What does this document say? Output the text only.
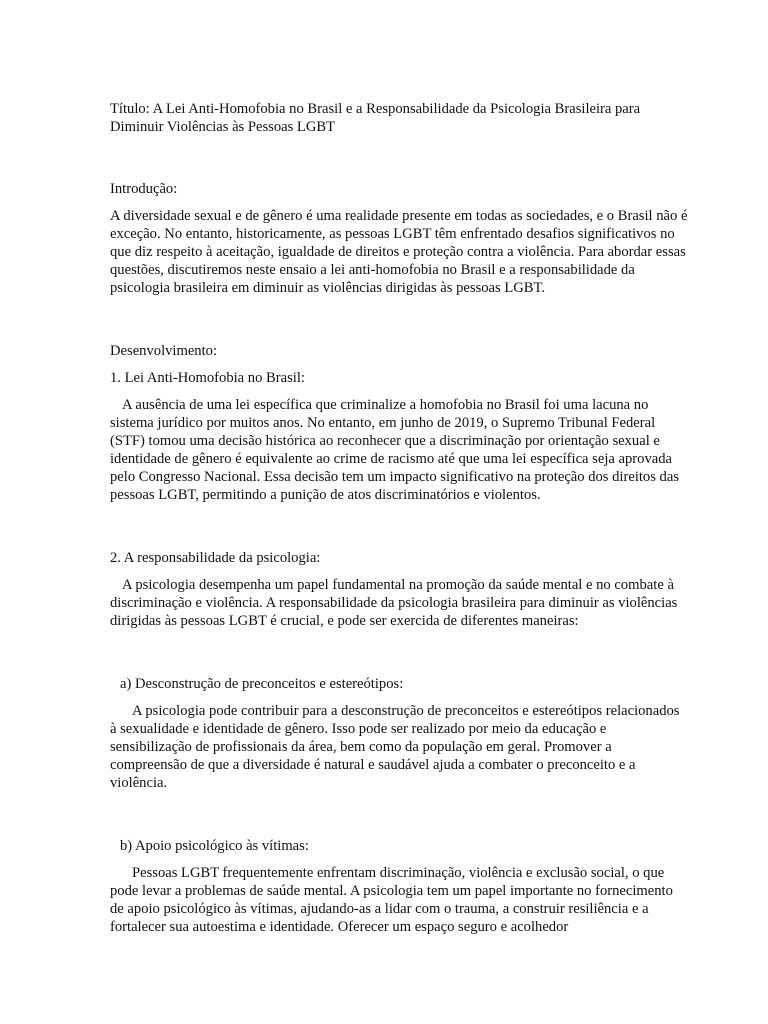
Título: A Lei Anti-Homofobia no Brasil e a Responsabilidade da Psicologia Brasileira para Diminuir Violências às Pessoas LGBT

Introdução:

A diversidade sexual e de gênero é uma realidade presente em todas as sociedades, e o Brasil não é exceção. No entanto, historicamente, as pessoas LGBT têm enfrentado desafios significativos no que diz respeito à aceitação, igualdade de direitos e proteção contra a violência. Para abordar essas questões, discutiremos neste ensaio a lei anti-homofobia no Brasil e a responsabilidade da psicologia brasileira em diminuir as violências dirigidas às pessoas LGBT.

Desenvolvimento:

1. Lei Anti-Homofobia no Brasil:

A ausência de uma lei específica que criminalize a homofobia no Brasil foi uma lacuna no sistema jurídico por muitos anos. No entanto, em junho de 2019, o Supremo Tribunal Federal (STF) tomou uma decisão histórica ao reconhecer que a discriminação por orientação sexual e identidade de gênero é equivalente ao crime de racismo até que uma lei específica seja aprovada pelo Congresso Nacional. Essa decisão tem um impacto significativo na proteção dos direitos das pessoas LGBT, permitindo a punição de atos discriminatórios e violentos.

2. A responsabilidade da psicologia:

A psicologia desempenha um papel fundamental na promoção da saúde mental e no combate à discriminação e violência. A responsabilidade da psicologia brasileira para diminuir as violências dirigidas às pessoas LGBT é crucial, e pode ser exercida de diferentes maneiras:

a) Desconstrução de preconceitos e estereótipos:

A psicologia pode contribuir para a desconstrução de preconceitos e estereótipos relacionados à sexualidade e identidade de gênero. Isso pode ser realizado por meio da educação e sensibilização de profissionais da área, bem como da população em geral. Promover a compreensão de que a diversidade é natural e saudável ajuda a combater o preconceito e a violência.

b) Apoio psicológico às vítimas:

Pessoas LGBT frequentemente enfrentam discriminação, violência e exclusão social, o que pode levar a problemas de saúde mental. A psicologia tem um papel importante no fornecimento de apoio psicológico às vítimas, ajudando-as a lidar com o trauma, a construir resiliência e a fortalecer sua autoestima e identidade. Oferecer um espaço seguro e acolhedor
